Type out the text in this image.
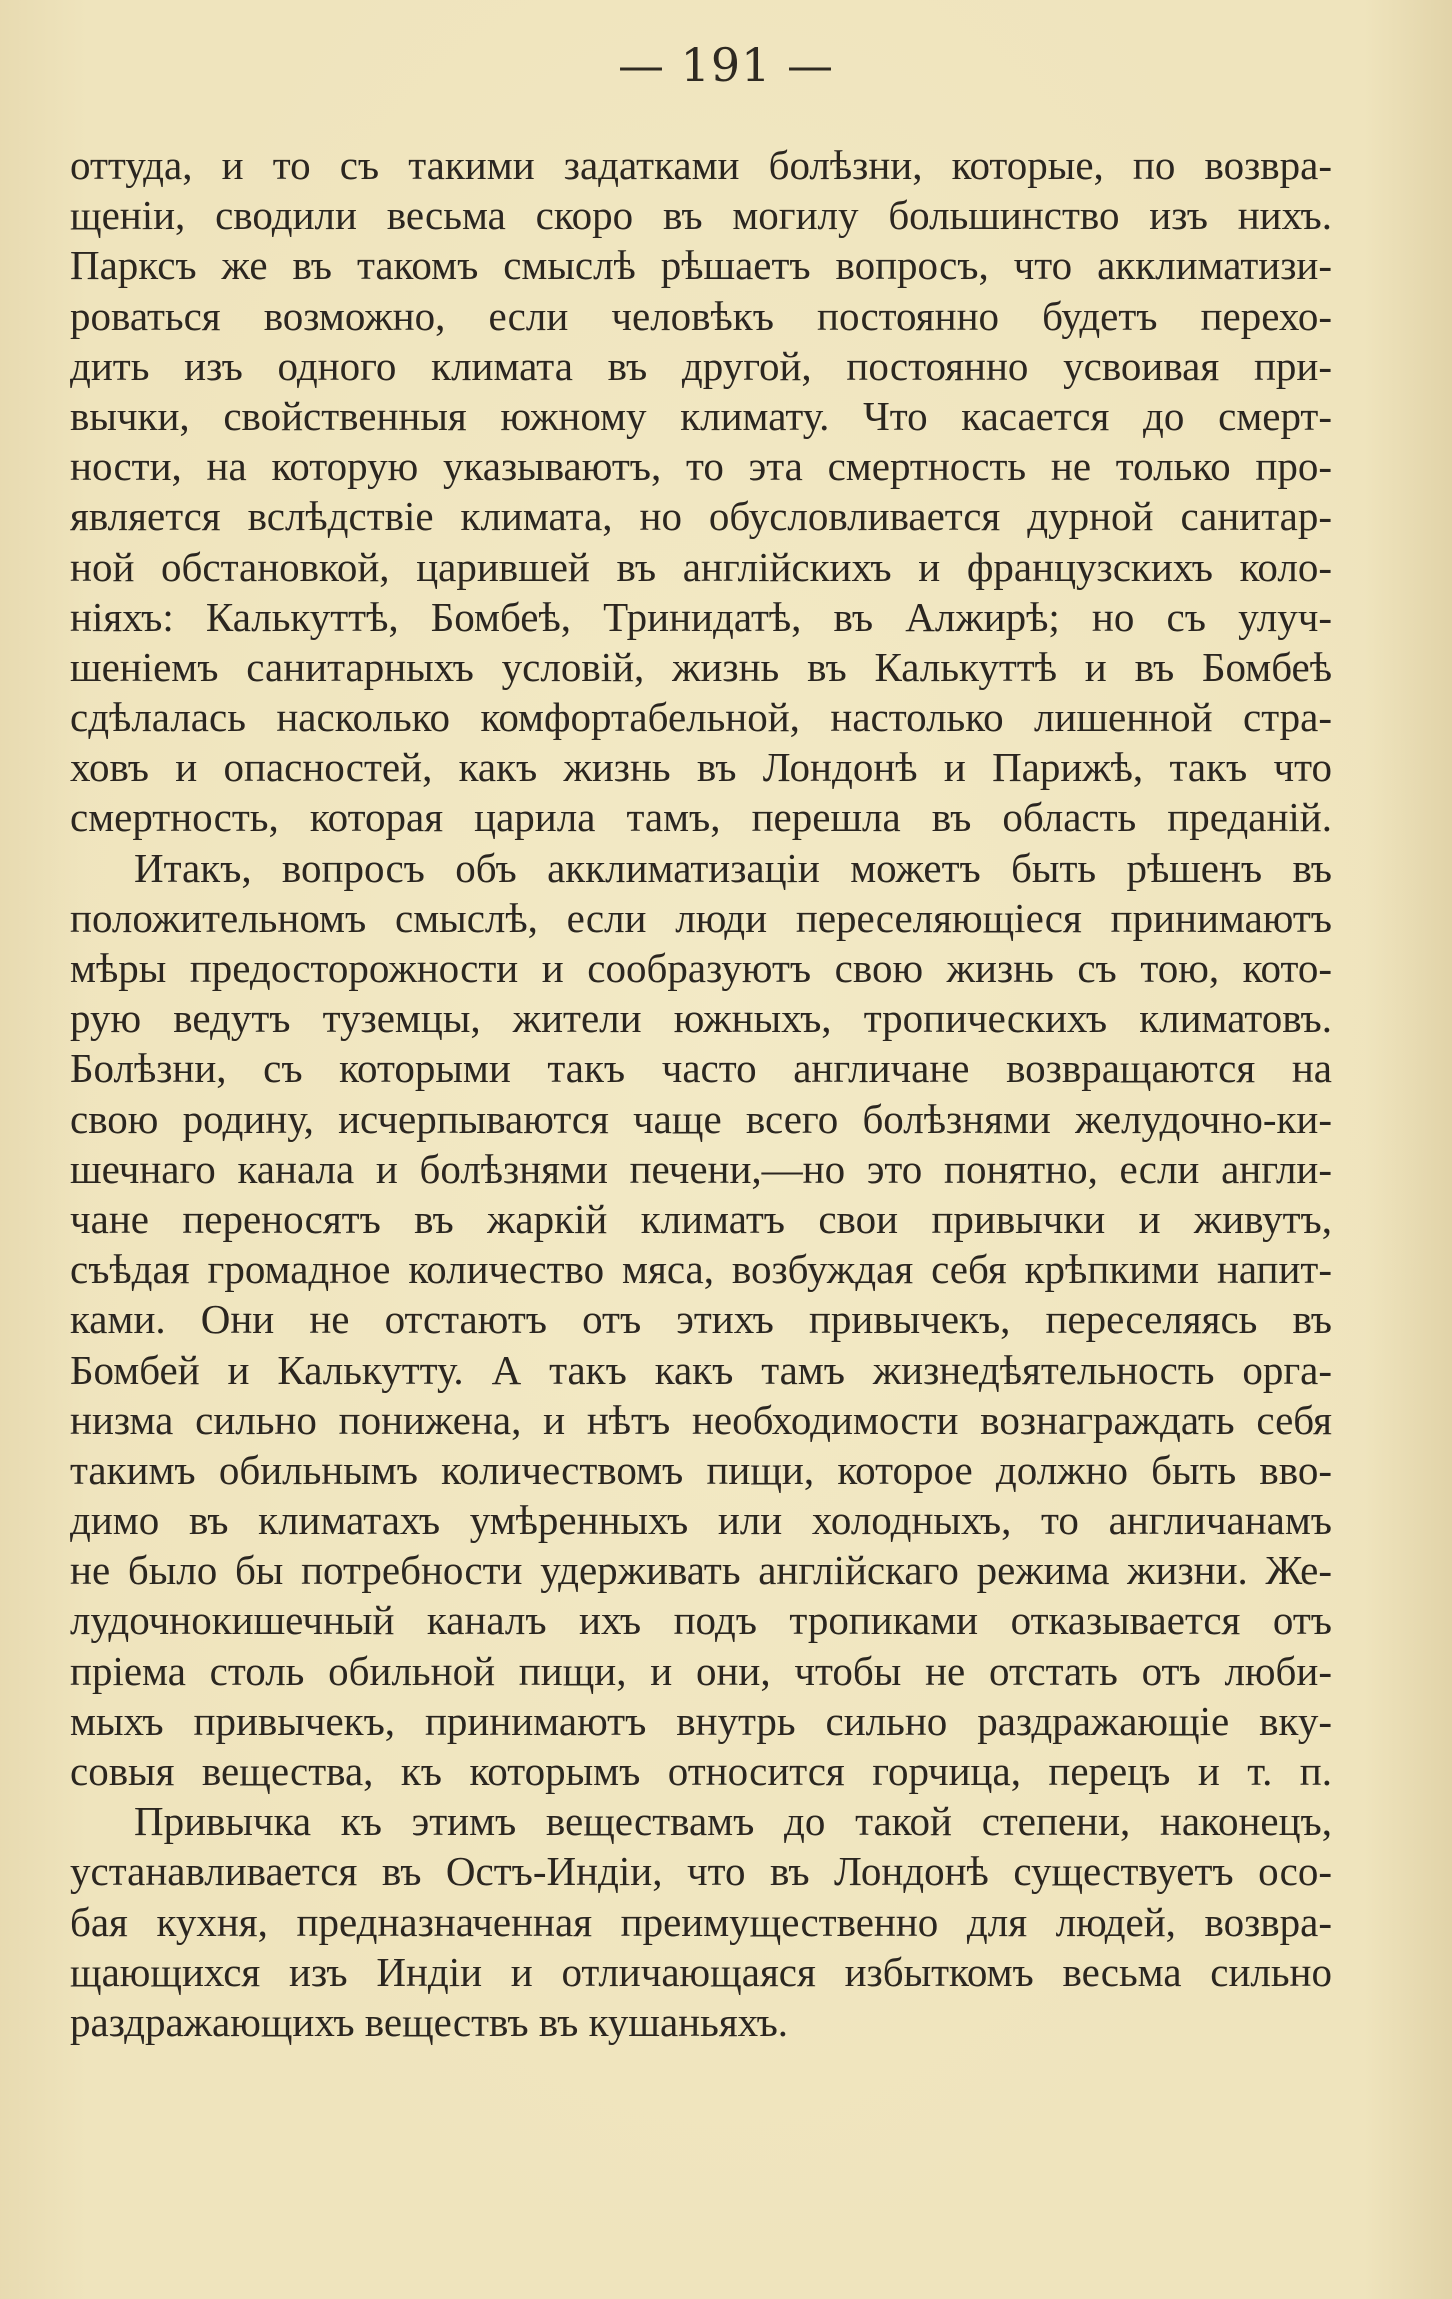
— 191 —
оттуда, и то съ такими задатками болѣзни, которые, по возвра-
щеніи, сводили весьма скоро въ могилу большинство изъ нихъ.
Парксъ же въ такомъ смыслѣ рѣшаетъ вопросъ, что акклиматизи-
роваться возможно, если человѣкъ постоянно будетъ перехо-
дить изъ одного климата въ другой, постоянно усвоивая при-
вычки, свойственныя южному климату. Что касается до смерт-
ности, на которую указываютъ, то эта смертность не только про-
является вслѣдствіе климата, но обусловливается дурной санитар-
ной обстановкой, царившей въ англійскихъ и французскихъ коло-
ніяхъ: Калькуттѣ, Бомбеѣ, Тринидатѣ, въ Алжирѣ; но съ улуч-
шеніемъ санитарныхъ условій, жизнь въ Калькуттѣ и въ Бомбеѣ
сдѣлалась насколько комфортабельной, настолько лишенной стра-
ховъ и опасностей, какъ жизнь въ Лондонѣ и Парижѣ, такъ что
смертность, которая царила тамъ, перешла въ область преданій.
Итакъ, вопросъ объ акклиматизаціи можетъ быть рѣшенъ въ
положительномъ смыслѣ, если люди переселяющіеся принимаютъ
мѣры предосторожности и сообразуютъ свою жизнь съ тою, кото-
рую ведутъ туземцы, жители южныхъ, тропическихъ климатовъ.
Болѣзни, съ которыми такъ часто англичане возвращаются на
свою родину, исчерпываются чаще всего болѣзнями желудочно-ки-
шечнаго канала и болѣзнями печени,—но это понятно, если англи-
чане переносятъ въ жаркій климатъ свои привычки и живутъ,
съѣдая громадное количество мяса, возбуждая себя крѣпкими напит-
ками. Они не отстаютъ отъ этихъ привычекъ, переселяясь въ
Бомбей и Калькутту. А такъ какъ тамъ жизнедѣятельность орга-
низма сильно понижена, и нѣтъ необходимости вознаграждать себя
такимъ обильнымъ количествомъ пищи, которое должно быть вво-
димо въ климатахъ умѣренныхъ или холодныхъ, то англичанамъ
не было бы потребности удерживать англійскаго режима жизни. Же-
лудочнокишечный каналъ ихъ подъ тропиками отказывается отъ
пріема столь обильной пищи, и они, чтобы не отстать отъ люби-
мыхъ привычекъ, принимаютъ внутрь сильно раздражающіе вку-
совыя вещества, къ которымъ относится горчица, перецъ и т. п.
Привычка къ этимъ веществамъ до такой степени, наконецъ,
устанавливается въ Остъ-Индіи, что въ Лондонѣ существуетъ осо-
бая кухня, предназначенная преимущественно для людей, возвра-
щающихся изъ Индіи и отличающаяся избыткомъ весьма сильно
раздражающихъ веществъ въ кушаньяхъ.
